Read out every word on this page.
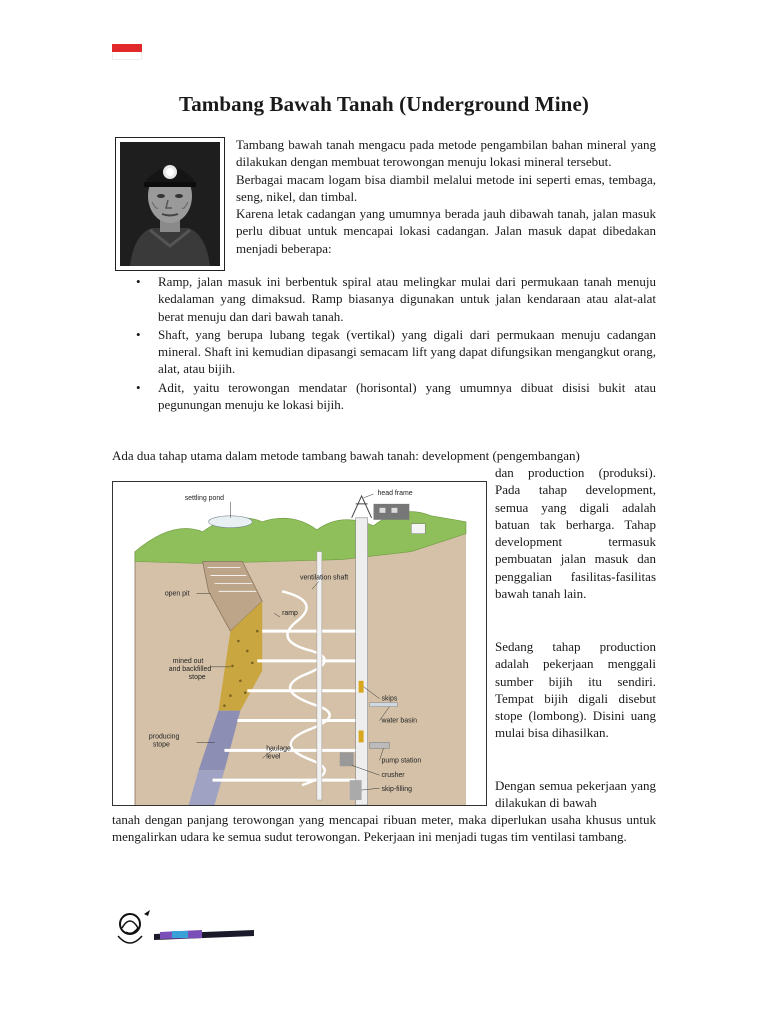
Tambang Bawah Tanah (Underground Mine)

Tambang bawah tanah mengacu pada metode pengambilan bahan mineral yang dilakukan dengan membuat terowongan menuju lokasi mineral tersebut.

Berbagai macam logam bisa diambil melalui metode ini seperti emas, tembaga, seng, nikel, dan timbal.

Karena letak cadangan yang umumnya berada jauh dibawah tanah, jalan masuk perlu dibuat untuk mencapai lokasi cadangan. Jalan masuk dapat dibedakan menjadi beberapa:

• Ramp, jalan masuk ini berbentuk spiral atau melingkar mulai dari permukaan tanah menuju kedalaman yang dimaksud. Ramp biasanya digunakan untuk jalan kendaraan atau alat-alat berat menuju dan dari bawah tanah.
• Shaft, yang berupa lubang tegak (vertikal) yang digali dari permukaan menuju cadangan mineral. Shaft ini kemudian dipasangi semacam lift yang dapat difungsikan mengangkut orang, alat, atau bijih.
• Adit, yaitu terowongan mendatar (horisontal) yang umumnya dibuat disisi bukit atau pegunungan menuju ke lokasi bijih.

Ada dua tahap utama dalam metode tambang bawah tanah: development (pengembangan)

dan production (produksi). Pada tahap development, semua yang digali adalah batuan tak berharga. Tahap development termasuk pembuatan jalan masuk dan penggalian fasilitas-fasilitas bawah tanah lain.

Sedang tahap production adalah pekerjaan menggali sumber bijih itu sendiri. Tempat bijih digali disebut stope (lombong). Disini uang mulai bisa dihasilkan.

Dengan semua pekerjaan yang dilakukan di bawah

settling pond
head frame
open pit
ventilation shaft
ramp
mined out
and backfilled
stope
skips
water basin
producing
stope
haulage
level
pump station
crusher
skip-filling

tanah dengan panjang terowongan yang mencapai ribuan meter, maka diperlukan usaha khusus untuk mengalirkan udara ke semua sudut terowongan. Pekerjaan ini menjadi tugas tim ventilasi tambang.
